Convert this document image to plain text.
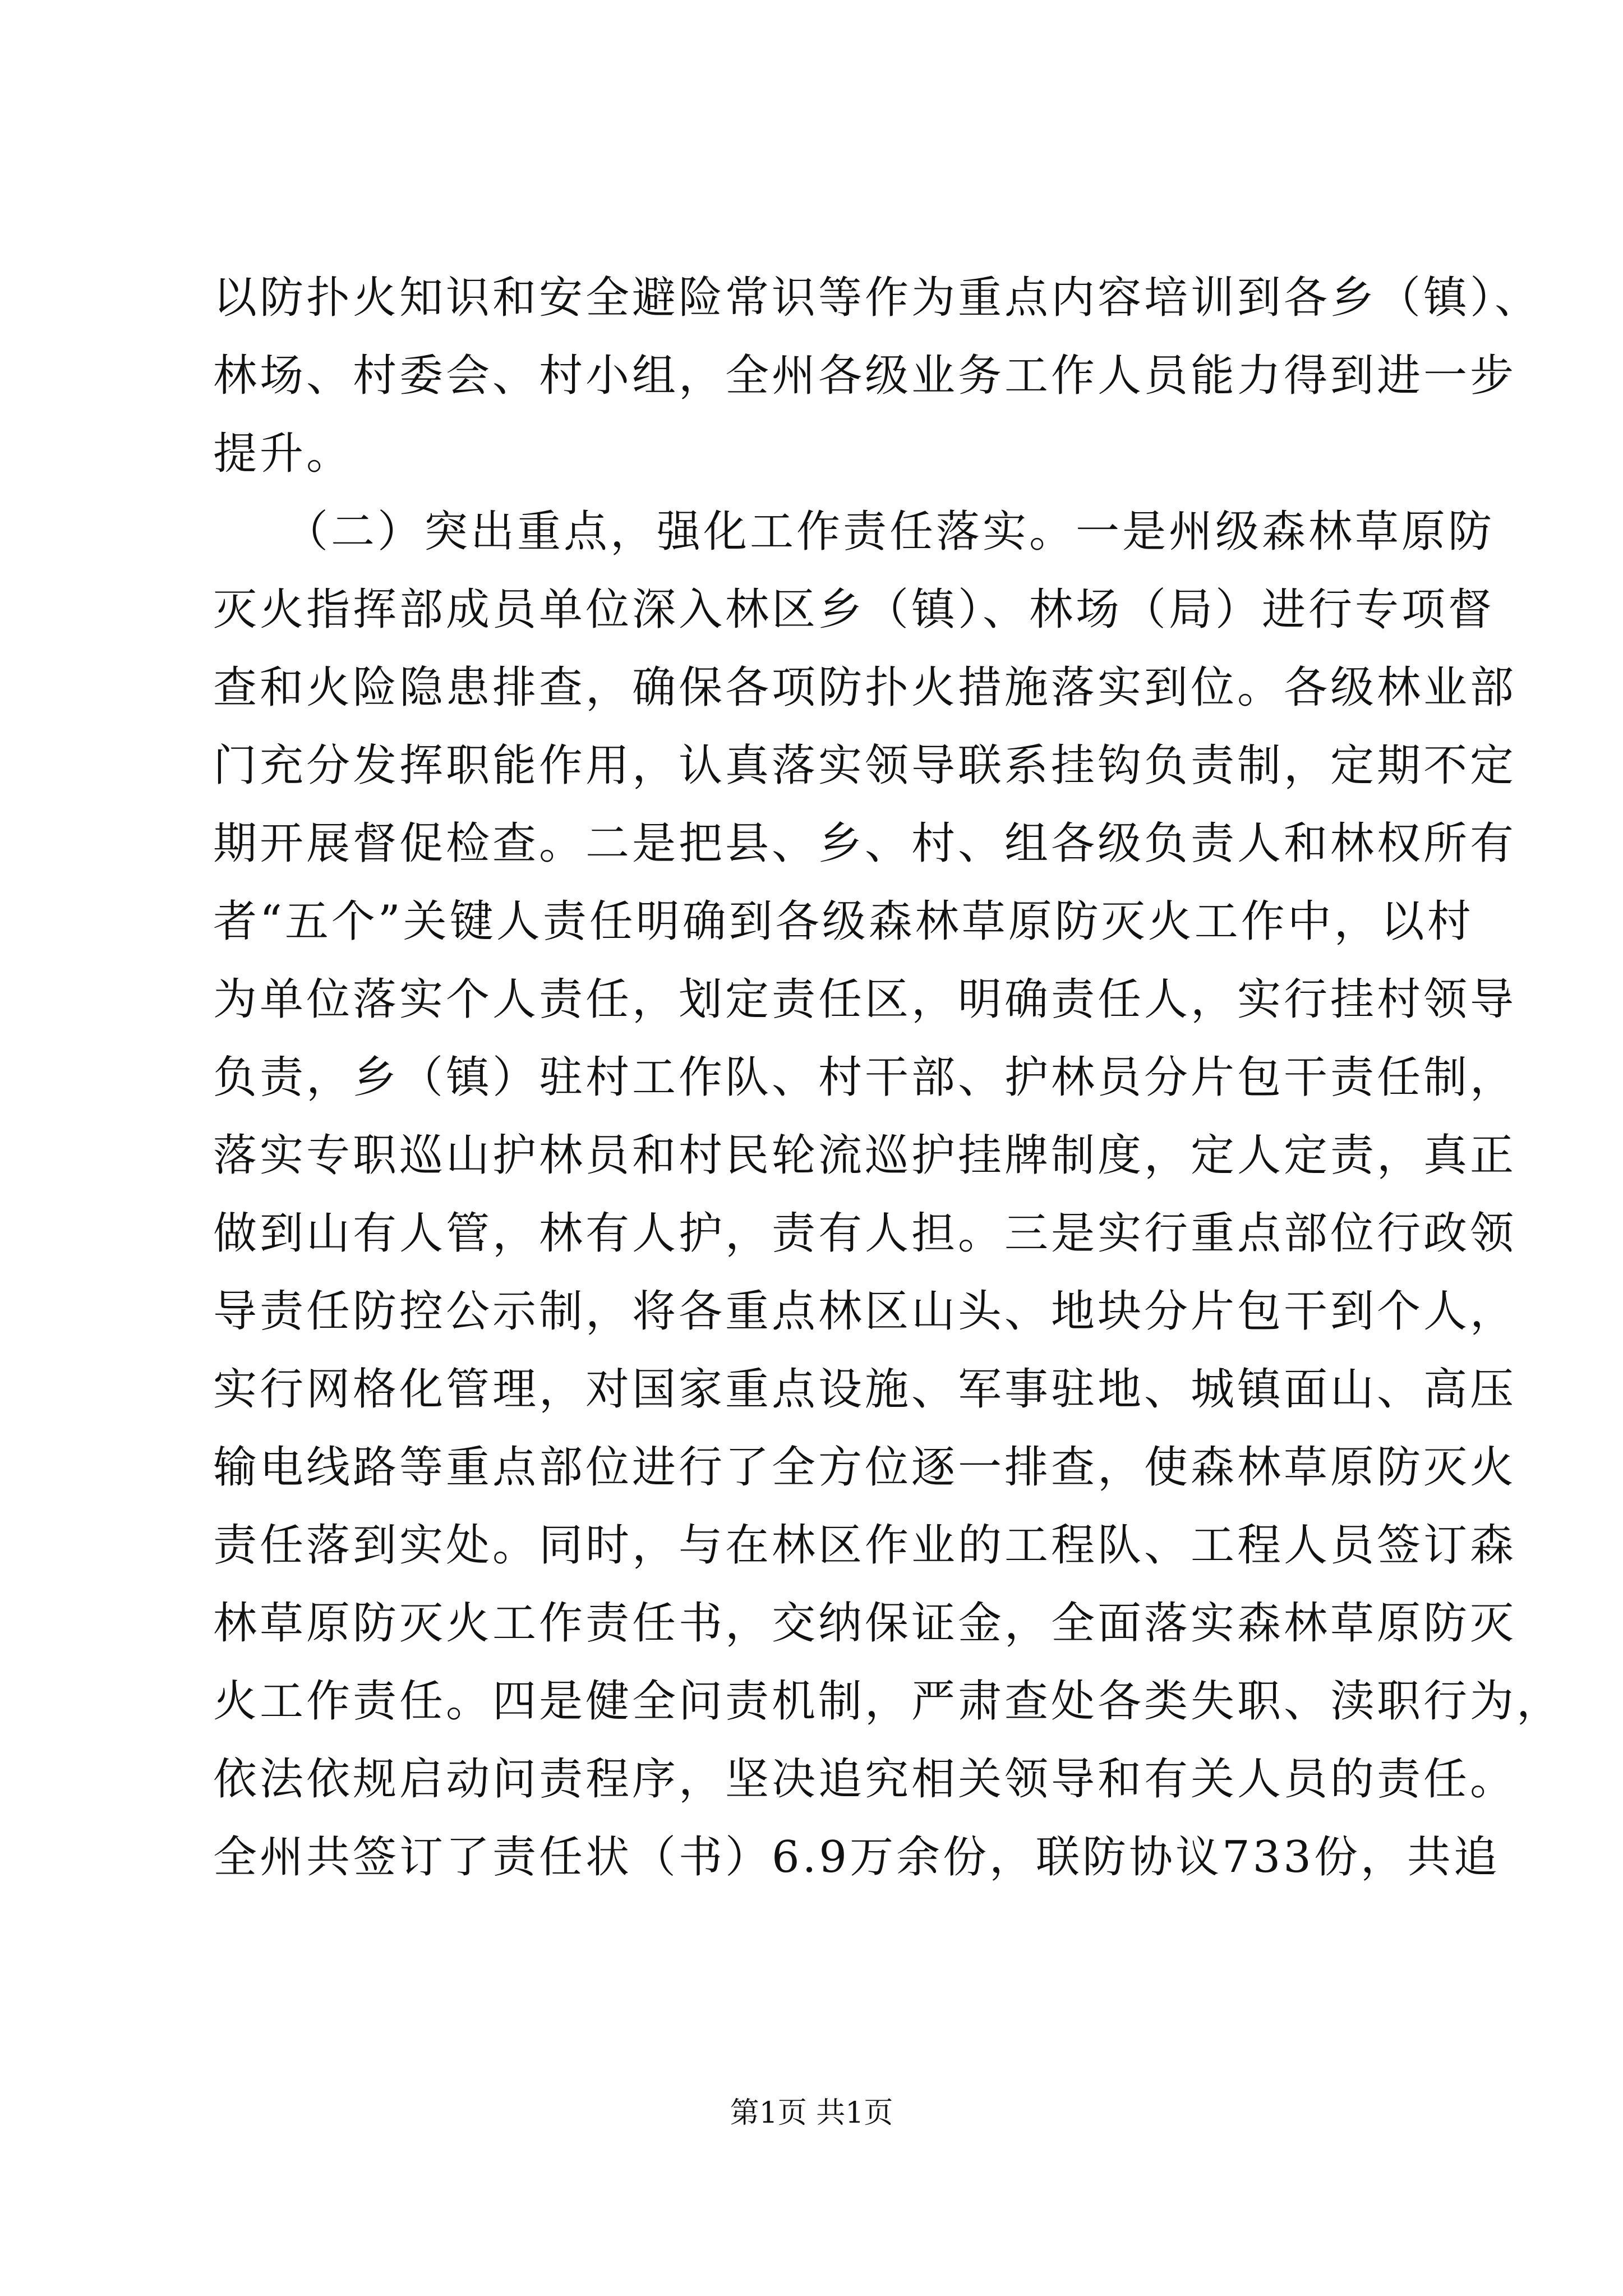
以防扑火知识和安全避险常识等作为重点内容培训到各乡（镇）、
林场、村委会、村小组，全州各级业务工作人员能力得到进一步
提升。
　　（二）突出重点，强化工作责任落实。一是州级森林草原防
灭火指挥部成员单位深入林区乡（镇）、林场（局）进行专项督
查和火险隐患排查，确保各项防扑火措施落实到位。各级林业部
门充分发挥职能作用，认真落实领导联系挂钩负责制，定期不定
期开展督促检查。二是把县、乡、村、组各级负责人和林权所有
者“五个”关键人责任明确到各级森林草原防灭火工作中，以村
为单位落实个人责任，划定责任区，明确责任人，实行挂村领导
负责，乡（镇）驻村工作队、村干部、护林员分片包干责任制，
落实专职巡山护林员和村民轮流巡护挂牌制度，定人定责，真正
做到山有人管，林有人护，责有人担。三是实行重点部位行政领
导责任防控公示制，将各重点林区山头、地块分片包干到个人，
实行网格化管理，对国家重点设施、军事驻地、城镇面山、高压
输电线路等重点部位进行了全方位逐一排查，使森林草原防灭火
责任落到实处。同时，与在林区作业的工程队、工程人员签订森
林草原防灭火工作责任书，交纳保证金，全面落实森林草原防灭
火工作责任。四是健全问责机制，严肃查处各类失职、渎职行为，
依法依规启动问责程序，坚决追究相关领导和有关人员的责任。
全州共签订了责任状（书）6.9万余份，联防协议733份，共追
第1页 共1页
